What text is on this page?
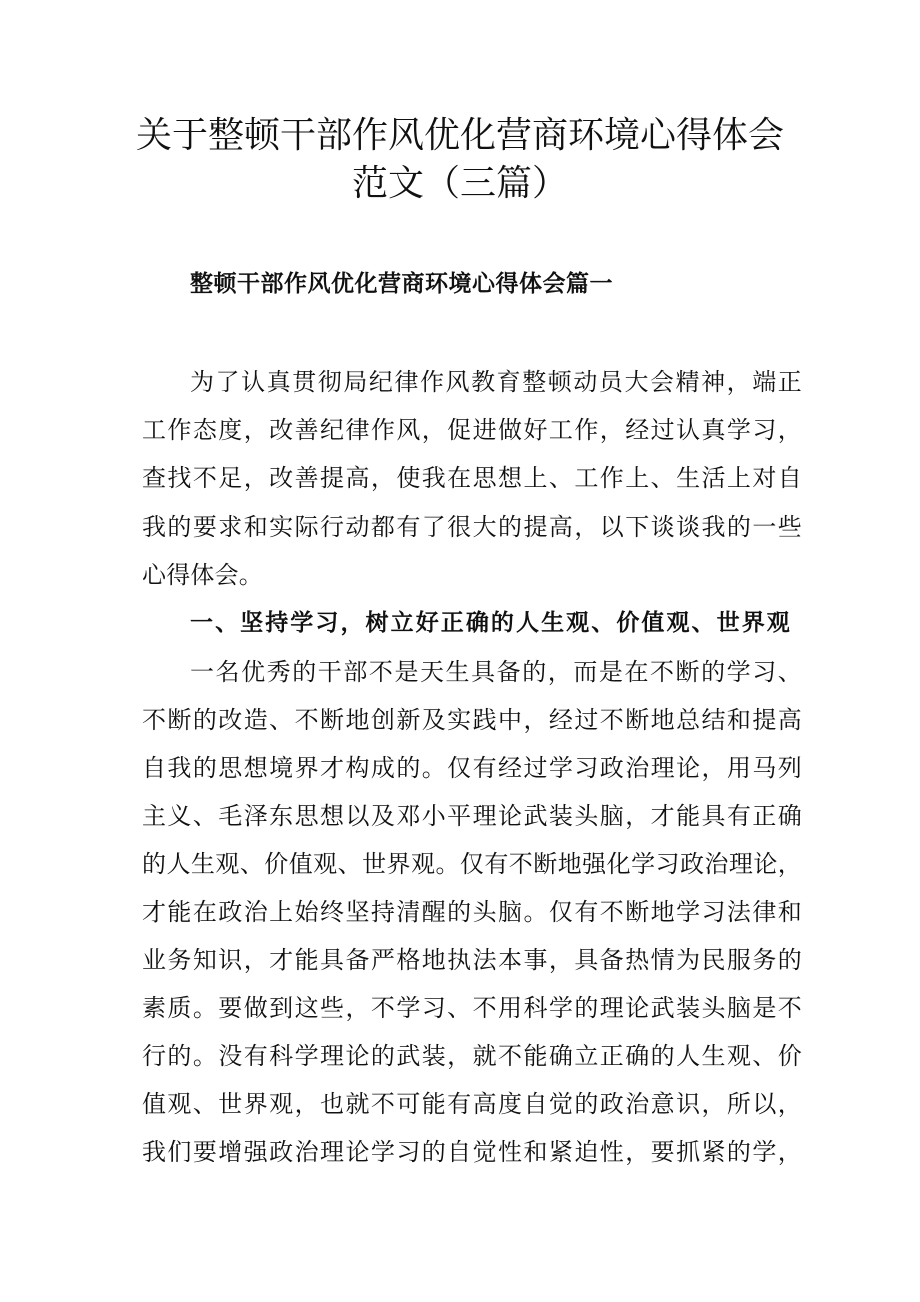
关于整顿干部作风优化营商环境心得体会
范文（三篇）
整顿干部作风优化营商环境心得体会篇一

为了认真贯彻局纪律作风教育整顿动员大会精神，端正

工作态度，改善纪律作风，促进做好工作，经过认真学习，

查找不足，改善提高，使我在思想上、工作上、生活上对自

我的要求和实际行动都有了很大的提高，以下谈谈我的一些

心得体会。

一、坚持学习，树立好正确的人生观、价值观、世界观

一名优秀的干部不是天生具备的，而是在不断的学习、

不断的改造、不断地创新及实践中，经过不断地总结和提高

自我的思想境界才构成的。仅有经过学习政治理论，用马列

主义、毛泽东思想以及邓小平理论武装头脑，才能具有正确

的人生观、价值观、世界观。仅有不断地强化学习政治理论，

才能在政治上始终坚持清醒的头脑。仅有不断地学习法律和

业务知识，才能具备严格地执法本事，具备热情为民服务的

素质。要做到这些，不学习、不用科学的理论武装头脑是不

行的。没有科学理论的武装，就不能确立正确的人生观、价

值观、世界观，也就不可能有高度自觉的政治意识，所以，

我们要增强政治理论学习的自觉性和紧迫性，要抓紧的学，
